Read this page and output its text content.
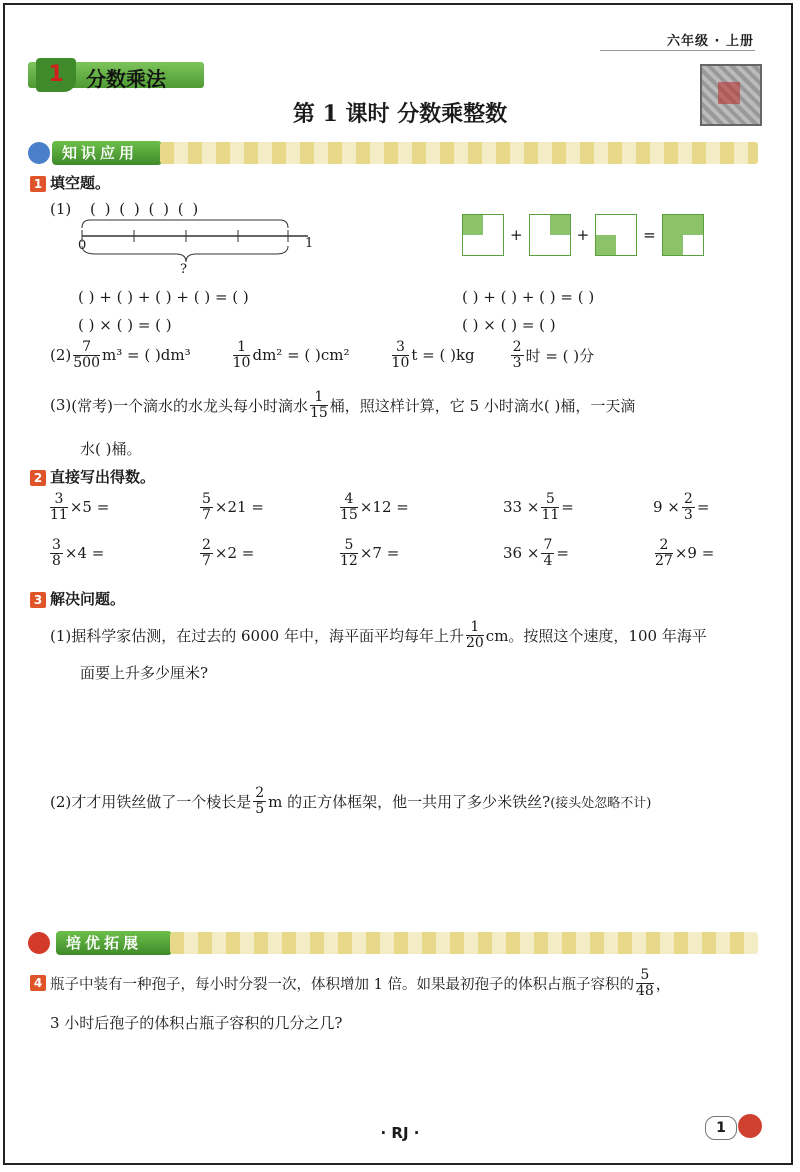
六年级 · 上册
1	分数乘法
第 1 课时 分数乘整数
知识应用
1 填空题。
(1) ( ) ( ) ( ) ( )
0	1
?
+	+	=
( ) + ( ) + ( ) + ( ) = ( )
( ) × ( ) = ( )
( ) + ( ) + ( ) = ( )
( ) × ( ) = ( )
$(2) \frac{7}{500} m^3$ = ( )dm³	$\frac{1}{10} dm^2$ = ( )cm²	$\frac{3}{10}$ t = ( )kg	$\frac{2}{3}$ 时 = ( )分
(3) (常考)一个滴水的水龙头每小时滴水 $\frac{1}{15}$ 桶，照这样计算，它 5 小时滴水( )桶，一天滴
水( )桶。
2 直接写出得数。
$\frac{3}{11} \times 5$ =	$\frac{5}{7} \times 21$ =	$\frac{4}{15} \times 12$ =	$33 \times \frac{5}{11}$ =	$9 \times \frac{2}{3}$ =
$\frac{3}{8} \times 4$ =	$\frac{2}{7} \times 2$ =	$\frac{5}{12} \times 7$ =	$36 \times \frac{7}{4}$ =	$\frac{2}{27} \times 9$ =
3 解决问题。
(1)据科学家估测，在过去的 6000 年中，海平面平均每年上升 $\frac{1}{20}$ cm。按照这个速度，100 年海平
面要上升多少厘米?
(2)才才用铁丝做了一个棱长是 $\frac{2}{5}$ m 的正方体框架，他一共用了多少米铁丝? (接头处忽略不计)
培优拓展
4 瓶子中装有一种孢子，每小时分裂一次，体积增加 1 倍。如果最初孢子的体积占瓶子容积的 $\frac{5}{48}$ ，
3 小时后孢子的体积占瓶子容积的几分之几?
· RJ ·	1
